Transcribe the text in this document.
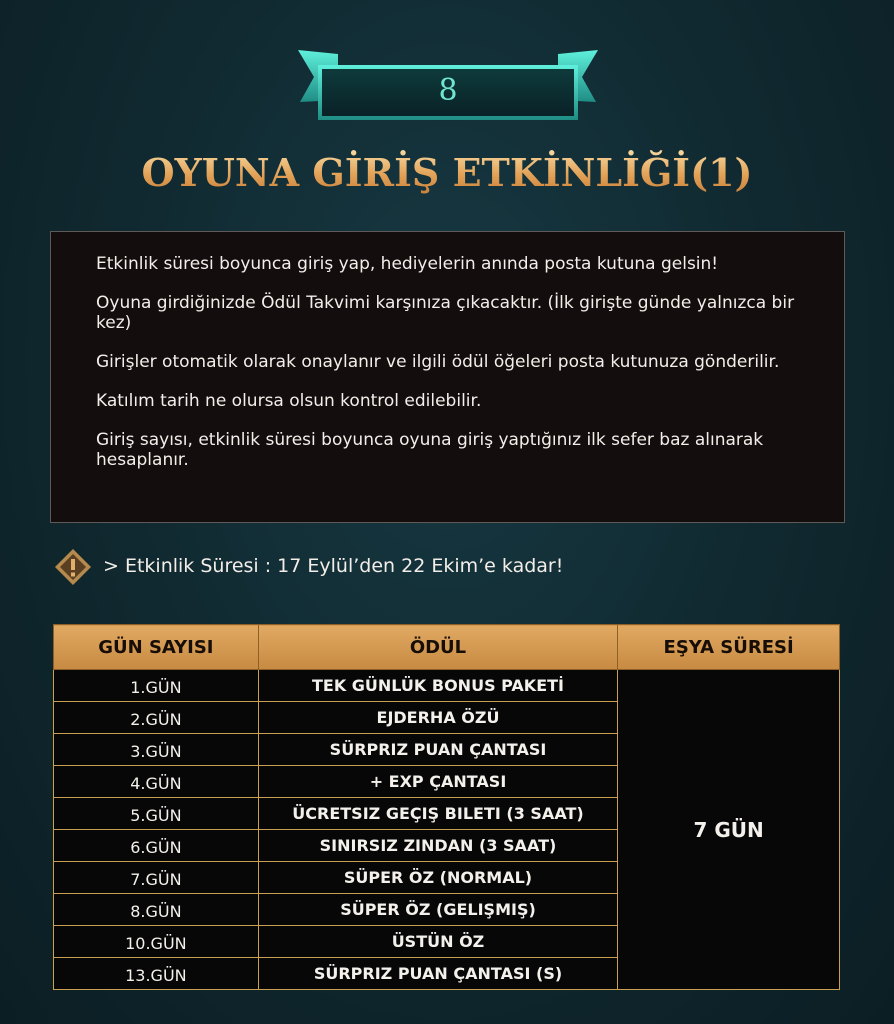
8
OYUNA GİRİŞ ETKİNLİĞİ(1)

Etkinlik süresi boyunca giriş yap, hediyelerin anında posta kutuna gelsin!

Oyuna girdiğinizde Ödül Takvimi karşınıza çıkacaktır. (İlk girişte günde yalnızca bir kez)

Girişler otomatik olarak onaylanır ve ilgili ödül öğeleri posta kutunuza gönderilir.

Katılım tarih ne olursa olsun kontrol edilebilir.

Giriş sayısı, etkinlik süresi boyunca oyuna giriş yaptığınız ilk sefer baz alınarak hesaplanır.

> Etkinlik Süresi : 17 Eylül’den 22 Ekim’e kadar!
GÜN SAYISI	ÖDÜL	EŞYA SÜRESİ
1.GÜN	TEK GÜNLÜK BONUS PAKETİ	7 GÜN
2.GÜN	EJDERHA ÖZÜ	
3.GÜN	SÜRPRIZ PUAN ÇANTASI	
4.GÜN	+ EXP ÇANTASI	
5.GÜN	ÜCRETSIZ GEÇIŞ BILETI (3 SAAT)	
6.GÜN	SINIRSIZ ZINDAN (3 SAAT)	
7.GÜN	SÜPER ÖZ (NORMAL)	
8.GÜN	SÜPER ÖZ (GELIŞMIŞ)	
10.GÜN	ÜSTÜN ÖZ	
13.GÜN	SÜRPRIZ PUAN ÇANTASI (S)	
